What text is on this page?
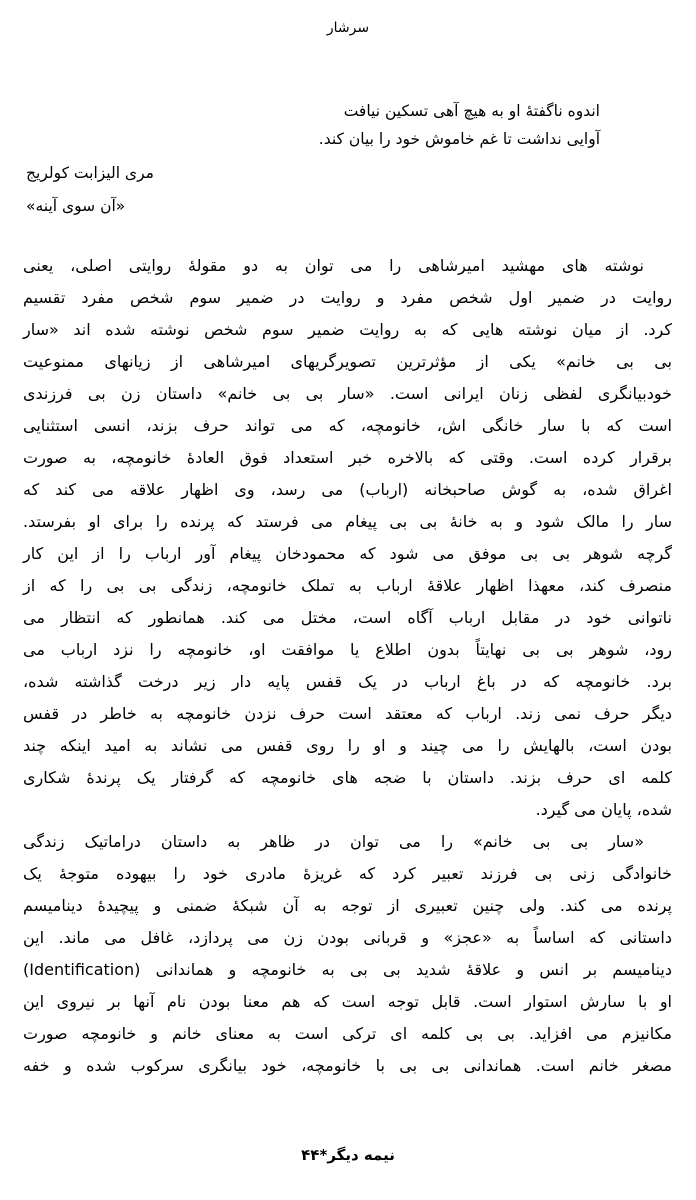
سرشار
اندوه ناگفتهٔ او به هیچ آهی تسکین نیافت
آوایی نداشت تا غم خاموش خود را بیان کند.
مری الیزابت کولریج
«آن سوی آینه»
نوشته های مهشید امیرشاهی را می توان به دو مقولهٔ روایتی اصلی، یعنی
روایت در ضمیر اول شخص مفرد و روایت در ضمیر سوم شخص مفرد تقسیم
کرد. از میان نوشته هایی که به روایت ضمیر سوم شخص نوشته شده اند «سار
بی بی خانم» یکی از مؤثرترین تصویرگریهای امیرشاهی از زیانهای ممنوعیت
خودبیانگری لفظی زنان ایرانی است. «سار بی بی خانم» داستان زن بی فرزندی
است که با سار خانگی اش، خانومچه، که می تواند حرف بزند، انسی استثنایی
برقرار کرده است. وقتی که بالاخره خبر استعداد فوق العادهٔ خانومچه، به صورت
اغراق شده، به گوش صاحبخانه (ارباب) می رسد، وی اظهار علاقه می کند که
سار را مالک شود و به خانهٔ بی بی پیغام می فرستد که پرنده را برای او بفرستد.
گرچه شوهر بی بی موفق می شود که محمودخان پیغام آور ارباب را از این کار
منصرف کند، معهذا اظهار علاقهٔ ارباب به تملک خانومچه، زندگی بی بی را که از
ناتوانی خود در مقابل ارباب آگاه است، مختل می کند. همانطور که انتظار می
رود، شوهر بی بی نهایتاً بدون اطلاع یا موافقت او، خانومچه را نزد ارباب می
برد. خانومچه که در باغ ارباب در یک قفس پایه دار زیر درخت گذاشته شده،
دیگر حرف نمی زند. ارباب که معتقد است حرف نزدن خانومچه به خاطر در قفس
بودن است، بالهایش را می چیند و او را روی قفس می نشاند به امید اینکه چند
کلمه ای حرف بزند. داستان با ضجه های خانومچه که گرفتار یک پرندهٔ شکاری
شده، پایان می گیرد.
«سار بی بی خانم» را می توان در ظاهر به داستان دراماتیک زندگی
خانوادگی زنی بی فرزند تعبیر کرد که غریزهٔ مادری خود را بیهوده متوجهٔ یک
پرنده می کند. ولی چنین تعبیری از توجه به آن شبکهٔ ضمنی و پیچیدهٔ دینامیسم
داستانی که اساساً به «عجز» و قربانی بودن زن می پردازد، غافل می ماند. این
دینامیسم بر انس و علاقهٔ شدید بی بی به خانومچه و هماندانی (Identification)
او با سارش استوار است. قابل توجه است که هم معنا بودن نام آنها بر نیروی این
مکانیزم می افزاید. بی بی کلمه ای ترکی است به معنای خانم و خانومچه صورت
مصغر خانم است. هماندانی بی بی با خانومچه، خود بیانگری سرکوب شده و خفه
نیمه دیگر*۴۴
